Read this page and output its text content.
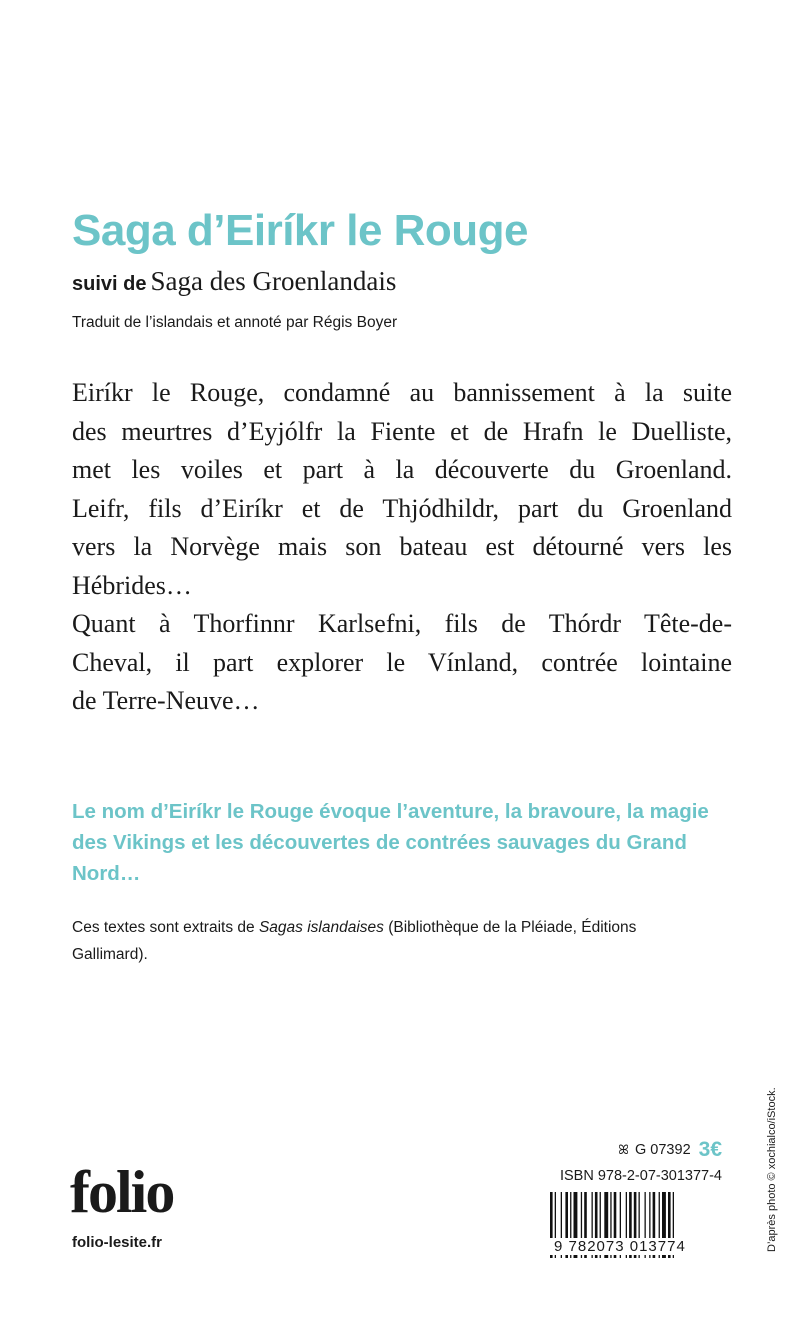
Saga d’Eiríkr le Rouge
suivi de Saga des Groenlandais
Traduit de l’islandais et annoté par Régis Boyer

Eiríkr le Rouge, condamné au bannissement à la suite
des meurtres d’Eyjólfr la Fiente et de Hrafn le Duelliste,
met les voiles et part à la découverte du Groenland.
Leifr, fils d’Eiríkr et de Thjódhildr, part du Groenland
vers la Norvège mais son bateau est détourné vers les
Hébrides…
Quant à Thorfinnr Karlsefni, fils de Thórdr Tête-de-
Cheval, il part explorer le Vínland, contrée lointaine
de Terre-Neuve…

Le nom d’Eiríkr le Rouge évoque l’aventure, la bravoure, la magie des Vikings et les découvertes de contrées sauvages du Grand Nord…

Ces textes sont extraits de Sagas islandaises (Bibliothèque de la Pléiade, Éditions Gallimard).

folio
folio-lesite.fr
ꕤ G 07392 3€
ISBN 978-2-07-301377-4
9 782073 013774	D’après photo © xochialco/iStock.
